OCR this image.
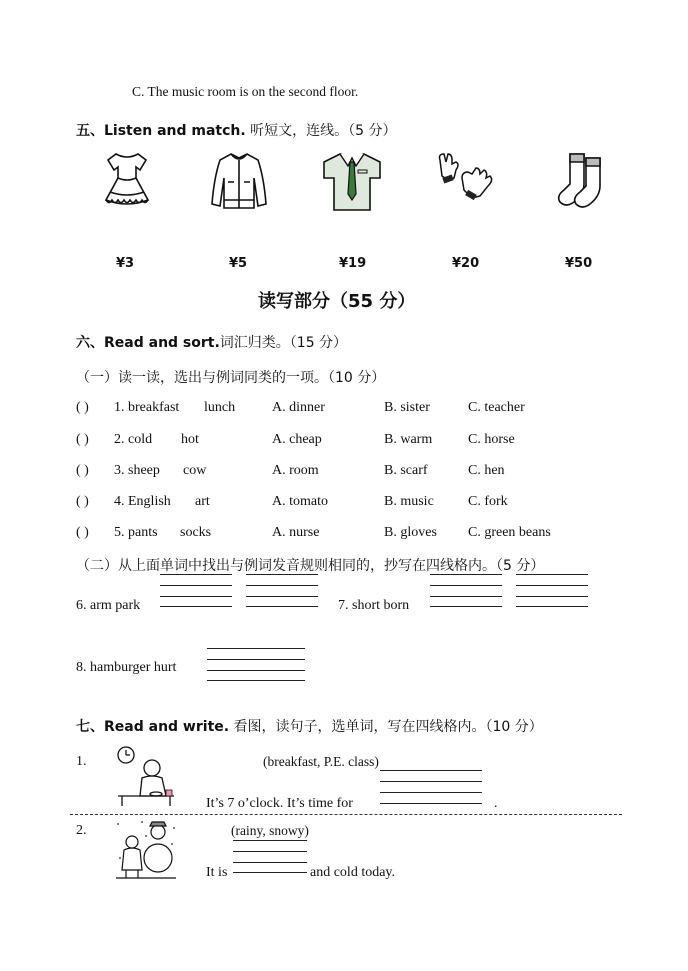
C. The music room is on the second floor.
五、Listen and match. 听短文，连线。（5 分）
¥3	¥5	¥19	¥20	¥50
读写部分（55 分）
六、Read and sort.词汇归类。（15 分）
（一）读一读，选出与例词同类的一项。（10 分）
( ) 1. breakfast lunch	A. dinner	B. sister	C. teacher
( ) 2. cold hot	A. cheap	B. warm	C. horse
( ) 3. sheep cow	A. room	B. scarf	C. hen
( ) 4. English art	A. tomato	B. music C. fork
( ) 5. pants socks	A. nurse	B. gloves C. green beans
（二）从上面单词中找出与例词发音规则相同的，抄写在四线格内。（5 分）
6. arm park	7. short born
8. hamburger hurt
七、Read and write. 看图，读句子，选单词，写在四线格内。（10 分）
1.	(breakfast, P.E. class)
It’s 7 o’clock. It’s time for	.
2.	(rainy, snowy)
It is	and cold today.
